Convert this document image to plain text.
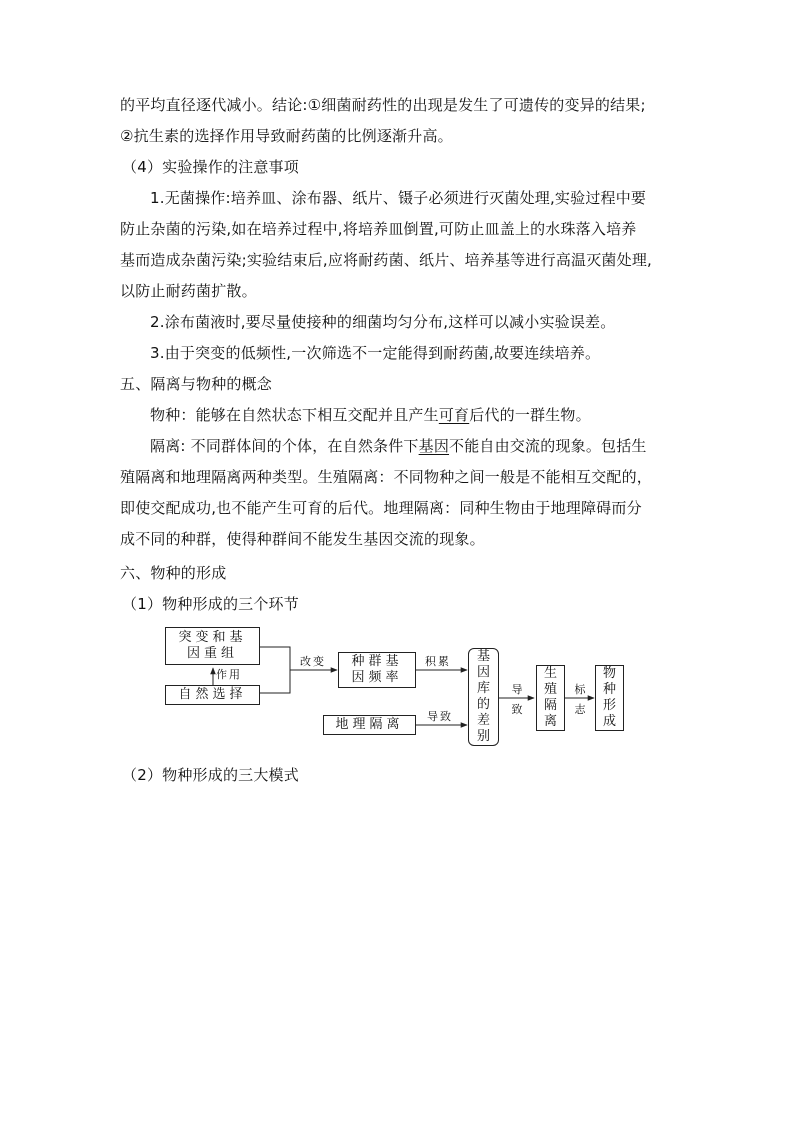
的平均直径逐代减小。结论:①细菌耐药性的出现是发生了可遗传的变异的结果;
②抗生素的选择作用导致耐药菌的比例逐渐升高。
（4）实验操作的注意事项
1.无菌操作:培养皿、涂布器、纸片、镊子必须进行灭菌处理,实验过程中要
防止杂菌的污染,如在培养过程中,将培养皿倒置,可防止皿盖上的水珠落入培养
基而造成杂菌污染;实验结束后,应将耐药菌、纸片、培养基等进行高温灭菌处理,
以防止耐药菌扩散。
2.涂布菌液时,要尽量使接种的细菌均匀分布,这样可以减小实验误差。
3.由于突变的低频性,一次筛选不一定能得到耐药菌,故要连续培养。
五、隔离与物种的概念
物种：能够在自然状态下相互交配并且产生可育后代的一群生物。
隔离: 不同群体间的个体，在自然条件下基因不能自由交流的现象。包括生
殖隔离和地理隔离两种类型。生殖隔离：不同物种之间一般是不能相互交配的，
即使交配成功,也不能产生可育的后代。地理隔离：同种生物由于地理障碍而分
成不同的种群，使得种群间不能发生基因交流的现象。
六、物种的形成
（1）物种形成的三个环节
突变和基
因重组
作用
自然选择
改变 种群基
因频率
积累
地理隔离
导致
基
因
库
的
差
别
导
致
生
殖
隔
离
标
志
物
种
形
成
（2）物种形成的三大模式
